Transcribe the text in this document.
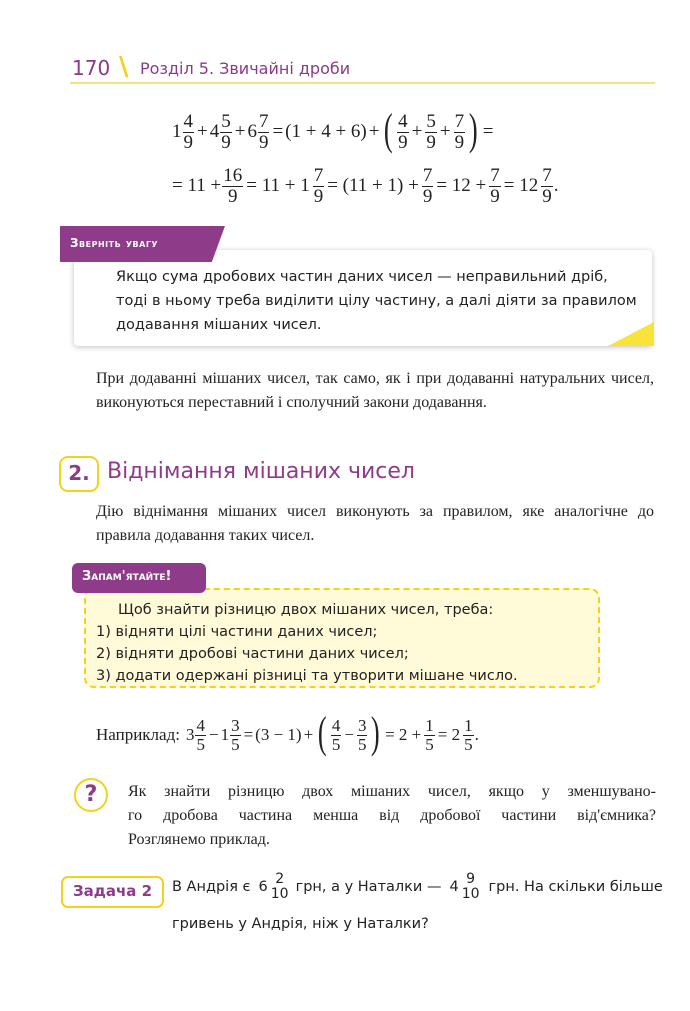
170 \ Розділ 5. Звичайні дроби
$1 \frac{4}{9} + 4 \frac{5}{9} + 6 \frac{7}{9}$ = ( 1 + 4 + 6 ) + ( $\frac{4}{9} + \frac{5}{9} + \frac{7}{9}$ ) =
= $11 + \frac{16}{9} = 11 + 1 \frac{7}{9} = (11 + 1) + \frac{7}{9} = 12 + \frac{7}{9} = 12 \frac{7}{9}$ .
Зверніть увагу
Якщо сума дробових частин даних чисел — неправильний дріб,
тоді в ньому треба виділити цілу частину, а далі діяти за правилом
додавання мішаних чисел.
При додаванні мішаних чисел, так само, як і при додаванні натуральних чисел, виконуються переставний і сполучний закони додавання.
2. Віднімання мішаних чисел
Дію віднімання мішаних чисел виконують за правилом, яке аналогічне до правила додавання таких чисел.
Запам'ятайте!
Щоб знайти різницю двох мішаних чисел, треба:
1) відняти цілі частини даних чисел;
2) відняти дробові частини даних чисел;
3) додати одержані різниці та утворити мішане число.
Наприклад: $3 \frac{4}{5} - 1 \frac{3}{5}$ = ( 3 − 1 ) + ( $\frac{4}{5} - \frac{3}{5}$ ) = $2 + \frac{1}{5} = 2 \frac{1}{5}$ .
?	Як знайти різницю двох мішаних чисел, якщо у зменшувано-
го дробова частина менша від дробової частини від'ємника?
Розглянемо приклад.
Задача 2	В Андрія є 6 2
10 грн, а у Наталки — 4 9
10 грн. На скільки більше
гривень у Андрія, ніж у Наталки?
